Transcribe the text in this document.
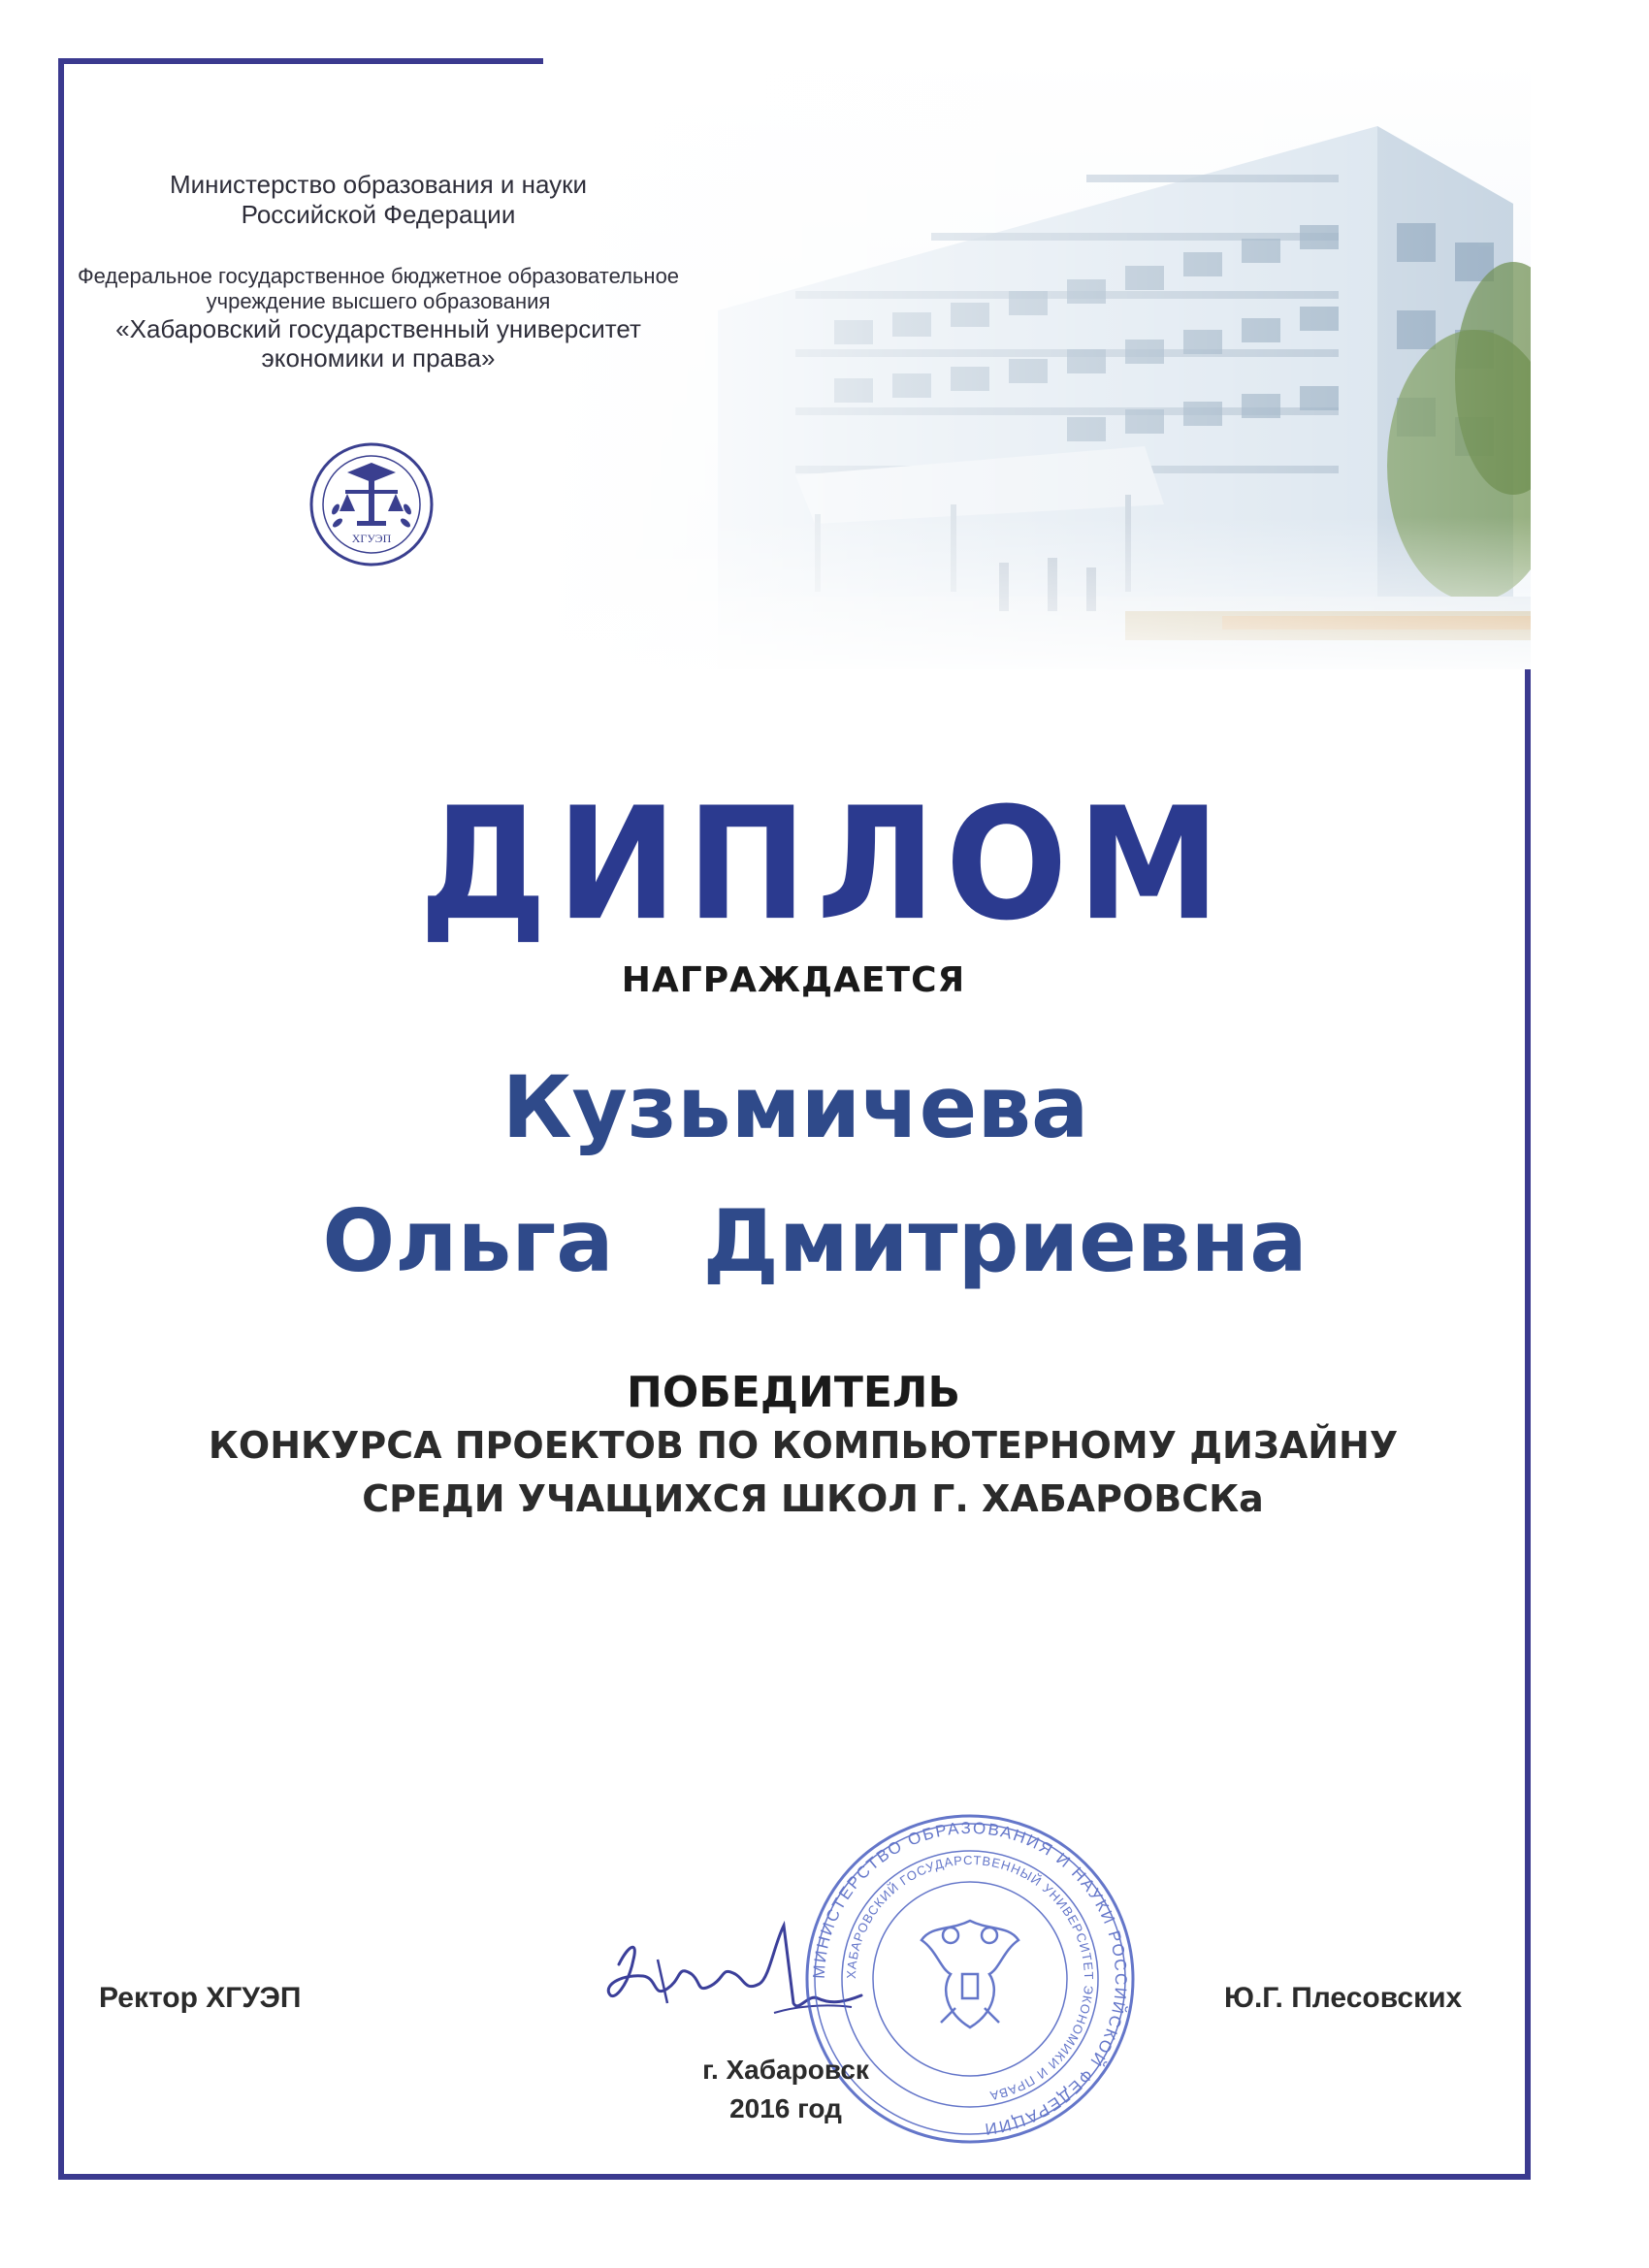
Министерство образования и науки Российской Федерации
Федеральное государственное бюджетное образовательное учреждение высшего образования
«Хабаровский государственный университет экономики и права»
ХГУЭП
ДИПЛОМ
НАГРАЖДАЕТСЯ
Кузьмичева
Ольга   Дмитриевна
ПОБЕДИТЕЛЬ
КОНКУРСА ПРОЕКТОВ ПО КОМПЬЮТЕРНОМУ ДИЗАЙНУ
СРЕДИ УЧАЩИХСЯ ШКОЛ Г. ХАБАРОВСКа
Ректор ХГУЭП	Ю.Г. Плесовских
МИНИСТЕРСТВО ОБРАЗОВАНИЯ И НАУКИ РОССИЙСКОЙ ФЕДЕРАЦИИ
ХАБАРОВСКИЙ ГОСУДАРСТВЕННЫЙ УНИВЕРСИТЕТ ЭКОНОМИКИ И ПРАВА
г. Хабаровск
2016 год
